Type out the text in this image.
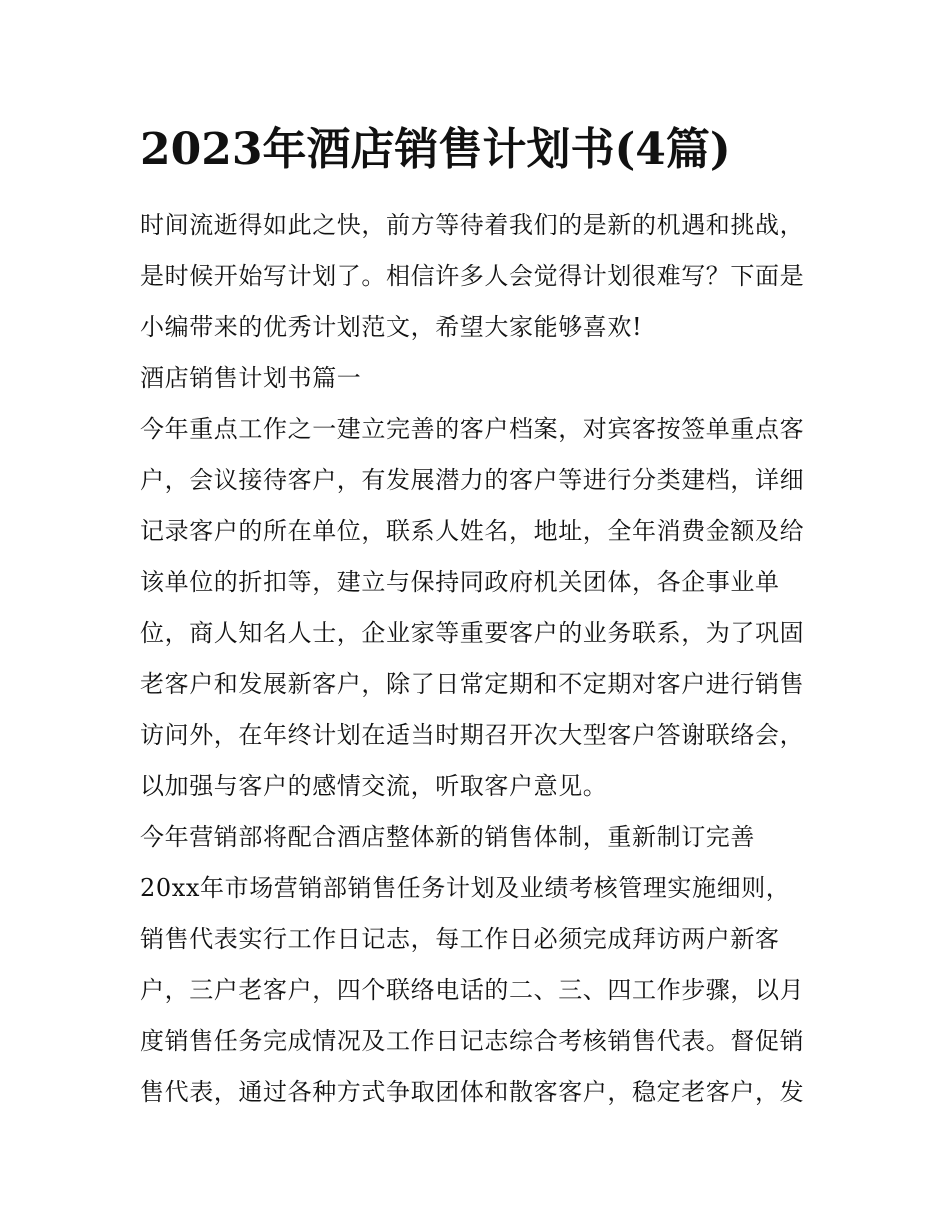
2023年酒店销售计划书(4篇)
时间流逝得如此之快，前方等待着我们的是新的机遇和挑战，
是时候开始写计划了。相信许多人会觉得计划很难写？下面是
小编带来的优秀计划范文，希望大家能够喜欢!
酒店销售计划书篇一
今年重点工作之一建立完善的客户档案，对宾客按签单重点客
户，会议接待客户，有发展潜力的客户等进行分类建档，详细
记录客户的所在单位，联系人姓名，地址，全年消费金额及给
该单位的折扣等，建立与保持同政府机关团体，各企事业单
位，商人知名人士，企业家等重要客户的业务联系，为了巩固
老客户和发展新客户，除了日常定期和不定期对客户进行销售
访问外，在年终计划在适当时期召开次大型客户答谢联络会，
以加强与客户的感情交流，听取客户意见。
今年营销部将配合酒店整体新的销售体制，重新制订完善
20xx年市场营销部销售任务计划及业绩考核管理实施细则，
销售代表实行工作日记志，每工作日必须完成拜访两户新客
户，三户老客户，四个联络电话的二、三、四工作步骤，以月
度销售任务完成情况及工作日记志综合考核销售代表。督促销
售代表，通过各种方式争取团体和散客客户，稳定老客户，发
